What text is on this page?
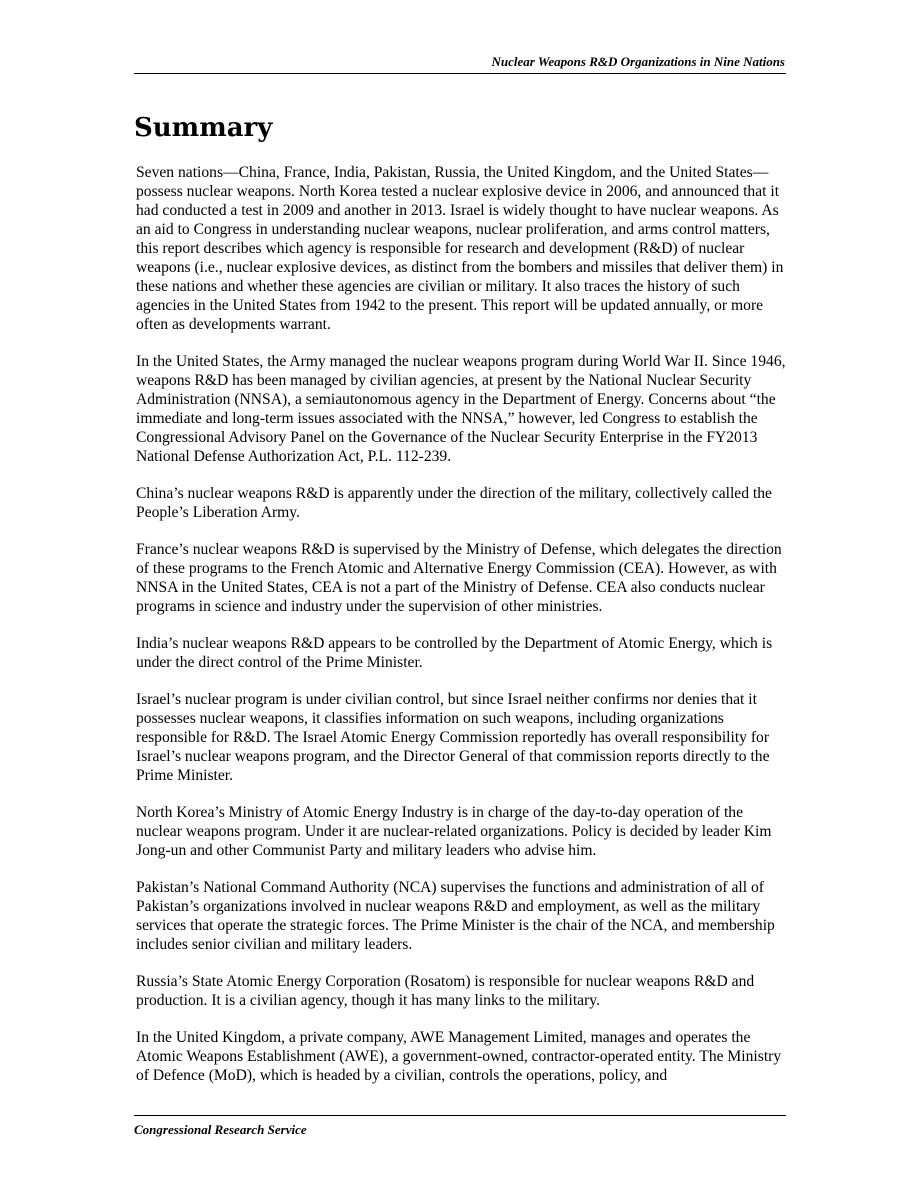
Nuclear Weapons R&D Organizations in Nine Nations
Summary

Seven nations—China, France, India, Pakistan, Russia, the United Kingdom, and the United States—possess nuclear weapons. North Korea tested a nuclear explosive device in 2006, and announced that it had conducted a test in 2009 and another in 2013. Israel is widely thought to have nuclear weapons. As an aid to Congress in understanding nuclear weapons, nuclear proliferation, and arms control matters, this report describes which agency is responsible for research and development (R&D) of nuclear weapons (i.e., nuclear explosive devices, as distinct from the bombers and missiles that deliver them) in these nations and whether these agencies are civilian or military. It also traces the history of such agencies in the United States from 1942 to the present. This report will be updated annually, or more often as developments warrant.

In the United States, the Army managed the nuclear weapons program during World War II. Since 1946, weapons R&D has been managed by civilian agencies, at present by the National Nuclear Security Administration (NNSA), a semiautonomous agency in the Department of Energy. Concerns about “the immediate and long-term issues associated with the NNSA,” however, led Congress to establish the Congressional Advisory Panel on the Governance of the Nuclear Security Enterprise in the FY2013 National Defense Authorization Act, P.L. 112-239.

China’s nuclear weapons R&D is apparently under the direction of the military, collectively called the People’s Liberation Army.

France’s nuclear weapons R&D is supervised by the Ministry of Defense, which delegates the direction of these programs to the French Atomic and Alternative Energy Commission (CEA). However, as with NNSA in the United States, CEA is not a part of the Ministry of Defense. CEA also conducts nuclear programs in science and industry under the supervision of other ministries.

India’s nuclear weapons R&D appears to be controlled by the Department of Atomic Energy, which is under the direct control of the Prime Minister.

Israel’s nuclear program is under civilian control, but since Israel neither confirms nor denies that it possesses nuclear weapons, it classifies information on such weapons, including organizations responsible for R&D. The Israel Atomic Energy Commission reportedly has overall responsibility for Israel’s nuclear weapons program, and the Director General of that commission reports directly to the Prime Minister.

North Korea’s Ministry of Atomic Energy Industry is in charge of the day-to-day operation of the nuclear weapons program. Under it are nuclear-related organizations. Policy is decided by leader Kim Jong-un and other Communist Party and military leaders who advise him.

Pakistan’s National Command Authority (NCA) supervises the functions and administration of all of Pakistan’s organizations involved in nuclear weapons R&D and employment, as well as the military services that operate the strategic forces. The Prime Minister is the chair of the NCA, and membership includes senior civilian and military leaders.

Russia’s State Atomic Energy Corporation (Rosatom) is responsible for nuclear weapons R&D and production. It is a civilian agency, though it has many links to the military.

In the United Kingdom, a private company, AWE Management Limited, manages and operates the Atomic Weapons Establishment (AWE), a government-owned, contractor-operated entity. The Ministry of Defence (MoD), which is headed by a civilian, controls the operations, policy, and

Congressional Research Service
